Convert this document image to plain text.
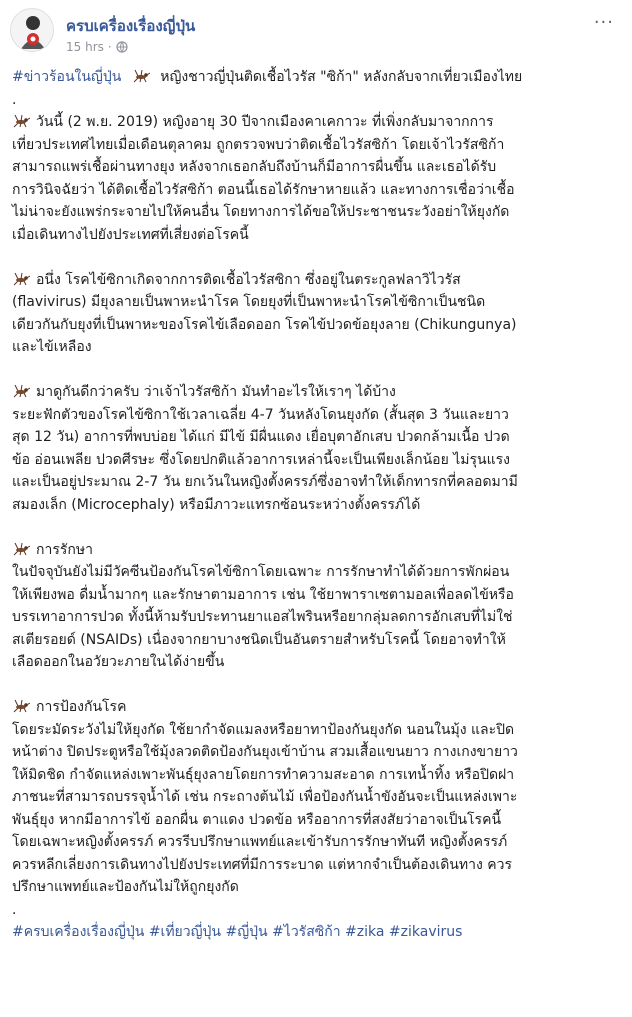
ครบเครื่องเรื่องญี่ปุ่น
15 hrs ·
···

#ข่าวร้อนในญี่ปุ่น	หญิงชาวญี่ปุ่นติดเชื้อไวรัส "ซิก้า" หลังกลับจากเที่ยวเมืองไทย

.

วันนี้ (2 พ.ย. 2019) หญิงอายุ 30 ปีจากเมืองคาเคกาวะ ที่เพิ่งกลับมาจากการ
เที่ยวประเทศไทยเมื่อเดือนตุลาคม ถูกตรวจพบว่าติดเชื้อไวรัสซิก้า โดยเจ้าไวรัสซิก้า
สามารถแพร่เชื้อผ่านทางยุง หลังจากเธอกลับถึงบ้านก็มีอาการผื่นขึ้น และเธอได้รับ
การวินิจฉัยว่า ได้ติดเชื้อไวรัสซิก้า ตอนนี้เธอได้รักษาหายแล้ว และทางการเชื่อว่าเชื้อ
ไม่น่าจะยังแพร่กระจายไปให้คนอื่น โดยทางการได้ขอให้ประชาชนระวังอย่าให้ยุงกัด
เมื่อเดินทางไปยังประเทศที่เสี่ยงต่อโรคนี้

อนึ่ง โรคไข้ซิกาเกิดจากการติดเชื้อไวรัสซิกา ซึ่งอยู่ในตระกูลฟลาวิไวรัส
(flavivirus) มียุงลายเป็นพาหะนำโรค โดยยุงที่เป็นพาหะนำโรคไข้ซิกาเป็นชนิด
เดียวกันกับยุงที่เป็นพาหะของโรคไข้เลือดออก โรคไข้ปวดข้อยุงลาย (Chikungunya)
และไข้เหลือง

มาดูกันดีกว่าครับ ว่าเจ้าไวรัสซิก้า มันทำอะไรให้เราๆ ได้บ้าง
ระยะฟักตัวของโรคไข้ซิกาใช้เวลาเฉลี่ย 4-7 วันหลังโดนยุงกัด (สั้นสุด 3 วันและยาว
สุด 12 วัน) อาการที่พบบ่อย ได้แก่ มีไข้ มีผื่นแดง เยื่อบุตาอักเสบ ปวดกล้ามเนื้อ ปวด
ข้อ อ่อนเพลีย ปวดศีรษะ ซึ่งโดยปกติแล้วอาการเหล่านี้จะเป็นเพียงเล็กน้อย ไม่รุนแรง
และเป็นอยู่ประมาณ 2-7 วัน ยกเว้นในหญิงตั้งครรภ์ซึ่งอาจทำให้เด็กทารกที่คลอดมามี
สมองเล็ก (Microcephaly) หรือมีภาวะแทรกซ้อนระหว่างตั้งครรภ์ได้

การรักษา
ในปัจจุบันยังไม่มีวัคซีนป้องกันโรคไข้ซิกาโดยเฉพาะ การรักษาทำได้ด้วยการพักผ่อน
ให้เพียงพอ ดื่มน้ำมากๆ และรักษาตามอาการ เช่น ใช้ยาพาราเซตามอลเพื่อลดไข้หรือ
บรรเทาอาการปวด ทั้งนี้ห้ามรับประทานยาแอสไพรินหรือยากลุ่มลดการอักเสบที่ไม่ใช่
สเตียรอยด์ (NSAIDs) เนื่องจากยาบางชนิดเป็นอันตรายสำหรับโรคนี้ โดยอาจทำให้
เลือดออกในอวัยวะภายในได้ง่ายขึ้น

การป้องกันโรค
โดยระมัดระวังไม่ให้ยุงกัด ใช้ยากำจัดแมลงหรือยาทาป้องกันยุงกัด นอนในมุ้ง และปิด
หน้าต่าง ปิดประตูหรือใช้มุ้งลวดติดป้องกันยุงเข้าบ้าน สวมเสื้อแขนยาว กางเกงขายาว
ให้มิดชิด กำจัดแหล่งเพาะพันธุ์ยุงลายโดยการทำความสะอาด การเทน้ำทิ้ง หรือปิดฝา
ภาชนะที่สามารถบรรจุน้ำได้ เช่น กระถางต้นไม้ เพื่อป้องกันน้ำขังอันจะเป็นแหล่งเพาะ
พันธุ์ยุง หากมีอาการไข้ ออกผื่น ตาแดง ปวดข้อ หรืออาการที่สงสัยว่าอาจเป็นโรคนี้
โดยเฉพาะหญิงตั้งครรภ์ ควรรีบปรึกษาแพทย์และเข้ารับการรักษาทันที หญิงตั้งครรภ์
ควรหลีกเลี่ยงการเดินทางไปยังประเทศที่มีการระบาด แต่หากจำเป็นต้องเดินทาง ควร
ปรึกษาแพทย์และป้องกันไม่ให้ถูกยุงกัด

.

#ครบเครื่องเรื่องญี่ปุ่น #เที่ยวญี่ปุ่น #ญี่ปุ่น #ไวรัสซิก้า #zika #zikavirus
